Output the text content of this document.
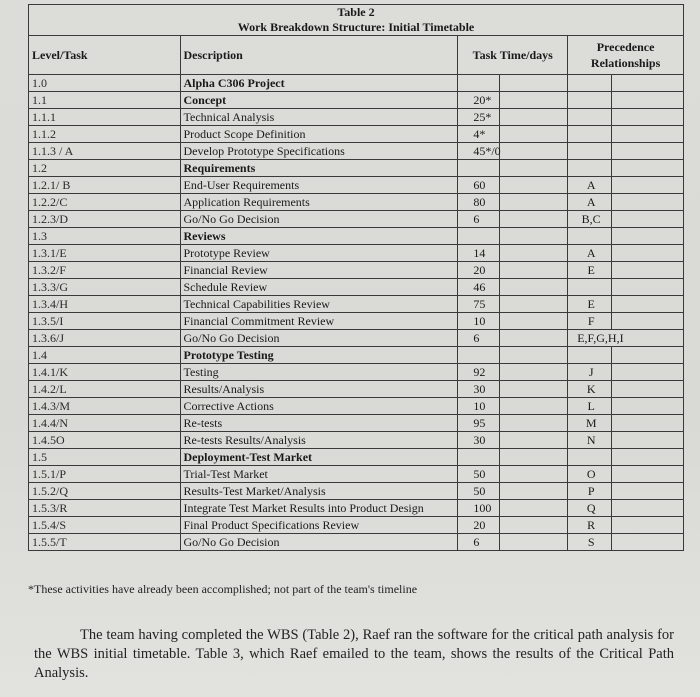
Table 2
Work Breakdown Structure: Initial Timetable			

Level/Task	Description	Task Time/days	Precedence Relationships
1.0	Alpha C306 Project		
1.1	Concept	20*	
1.1.1	Technical Analysis	25*	
1.1.2	Product Scope Definition	4*	
1.1.3 / A	Develop Prototype Specifications	45*/0	
1.2	Requirements		
1.2.1/ B	End-User Requirements	60	A
1.2.2/C	Application Requirements	80	A
1.2.3/D	Go/No Go Decision	6	B,C
1.3	Reviews		
1.3.1/E	Prototype Review	14	A
1.3.2/F	Financial Review	20	E
1.3.3/G	Schedule Review	46	
1.3.4/H	Technical Capabilities Review	75	E
1.3.5/I	Financial Commitment Review	10	F
1.3.6/J	Go/No Go Decision	6	E,F,G,H,I
1.4	Prototype Testing		
1.4.1/K	Testing	92	J
1.4.2/L	Results/Analysis	30	K
1.4.3/M	Corrective Actions	10	L
1.4.4/N	Re-tests	95	M
1.4.5O	Re-tests Results/Analysis	30	N
1.5	Deployment-Test Market		
1.5.1/P	Trial-Test Market	50	O
1.5.2/Q	Results-Test Market/Analysis	50	P
1.5.3/R	Integrate Test Market Results into Product Design	100	Q
1.5.4/S	Final Product Specifications Review	20	R
1.5.5/T	Go/No Go Decision	6	S
*These activities have already been accomplished; not part of the team's timeline
The team having completed the WBS (Table 2), Raef ran the software for the critical path analysis for the WBS initial timetable. Table 3, which Raef emailed to the team, shows the results of the Critical Path Analysis.
